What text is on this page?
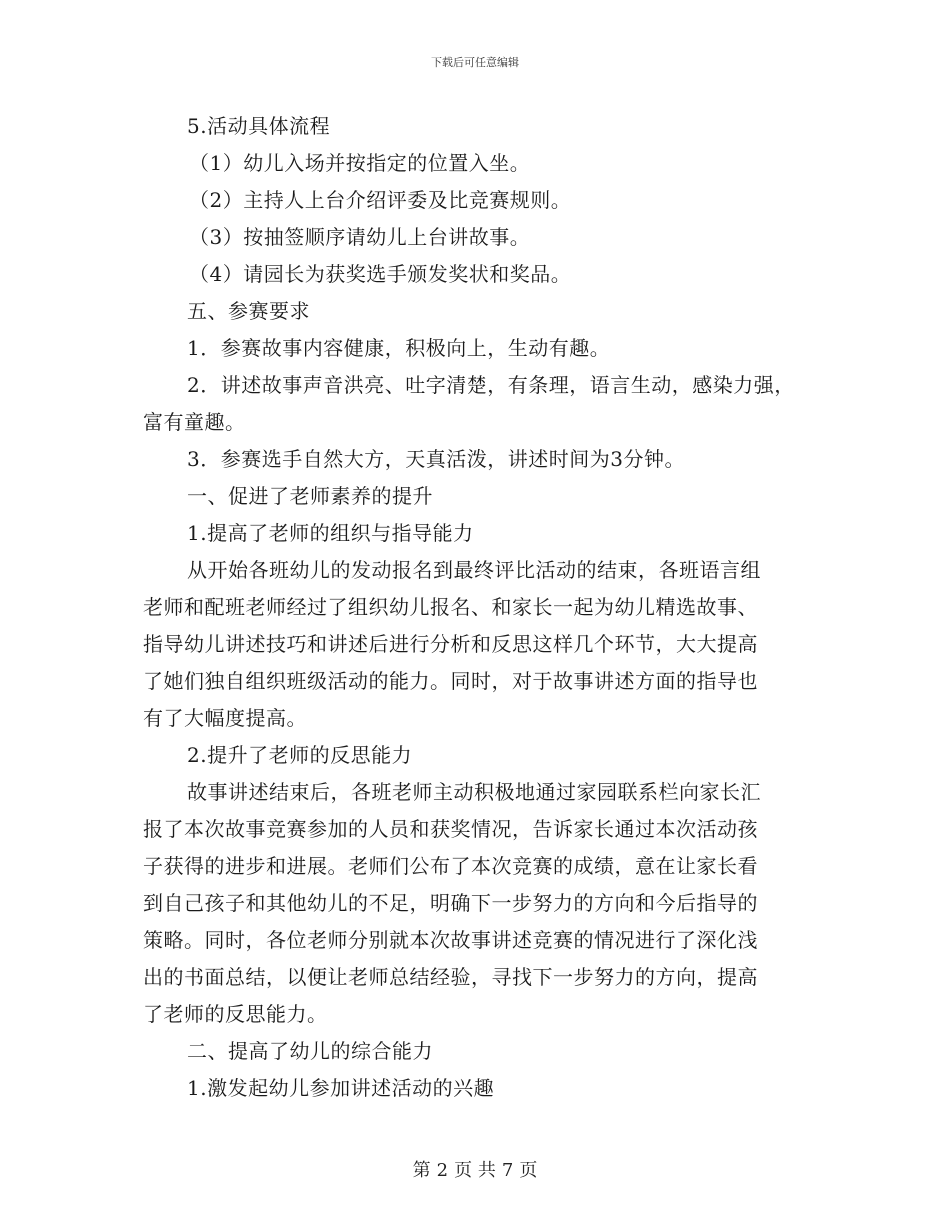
下载后可任意编辑
5.活动具体流程
（1）幼儿入场并按指定的位置入坐。
（2）主持人上台介绍评委及比竞赛规则。
（3）按抽签顺序请幼儿上台讲故事。
（4）请园长为获奖选手颁发奖状和奖品。
五、参赛要求
1．参赛故事内容健康，积极向上，生动有趣。
2．讲述故事声音洪亮、吐字清楚，有条理，语言生动，感染力强，
富有童趣。
3．参赛选手自然大方，天真活泼，讲述时间为3分钟。
一、促进了老师素养的提升
1.提高了老师的组织与指导能力
从开始各班幼儿的发动报名到最终评比活动的结束，各班语言组
老师和配班老师经过了组织幼儿报名、和家长一起为幼儿精选故事、
指导幼儿讲述技巧和讲述后进行分析和反思这样几个环节，大大提高
了她们独自组织班级活动的能力。同时，对于故事讲述方面的指导也
有了大幅度提高。
2.提升了老师的反思能力
故事讲述结束后，各班老师主动积极地通过家园联系栏向家长汇
报了本次故事竞赛参加的人员和获奖情况，告诉家长通过本次活动孩
子获得的进步和进展。老师们公布了本次竞赛的成绩，意在让家长看
到自己孩子和其他幼儿的不足，明确下一步努力的方向和今后指导的
策略。同时，各位老师分别就本次故事讲述竞赛的情况进行了深化浅
出的书面总结，以便让老师总结经验，寻找下一步努力的方向，提高
了老师的反思能力。
二、提高了幼儿的综合能力
1.激发起幼儿参加讲述活动的兴趣
第 2 页 共 7 页
